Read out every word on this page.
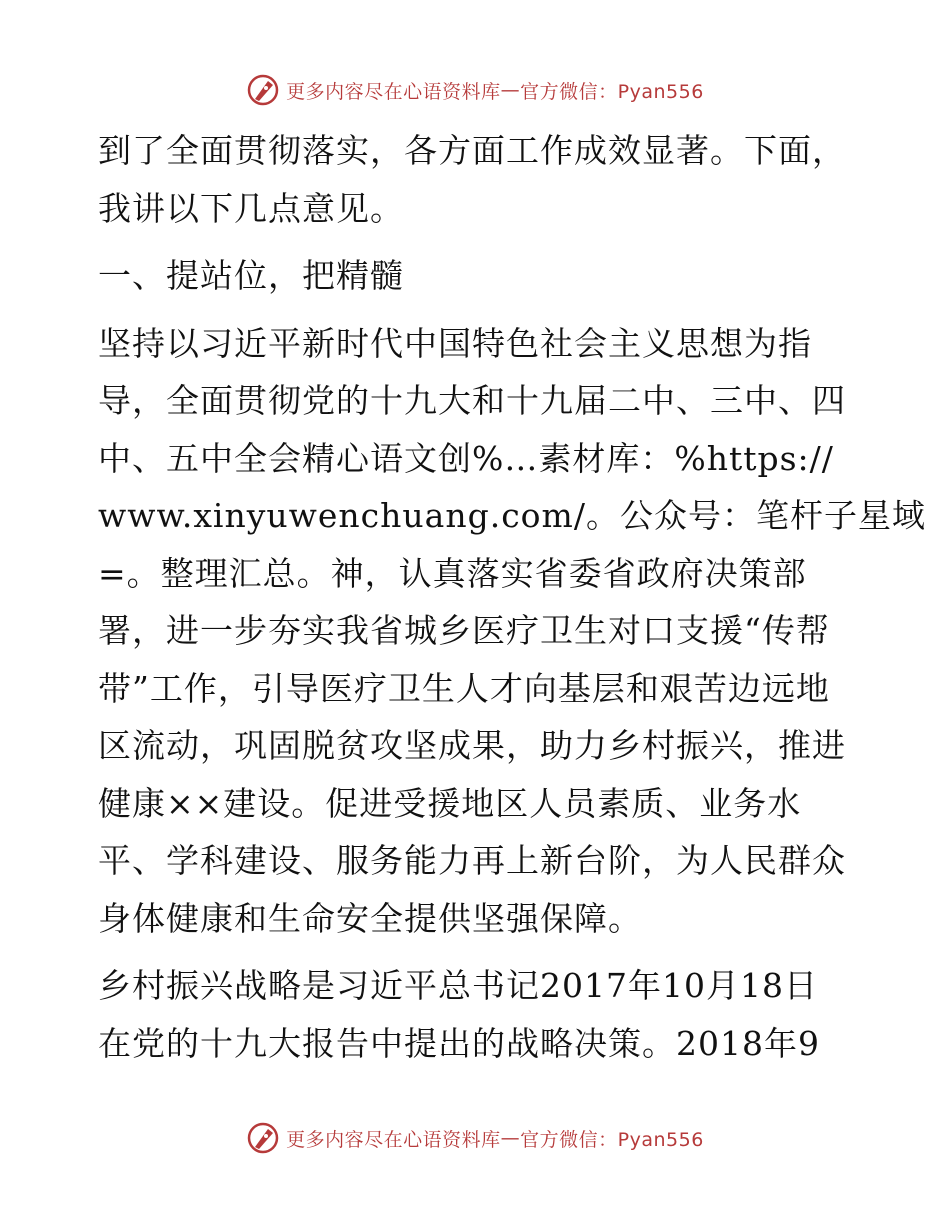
更多内容尽在心语资料库 — 官方微信：Pyan556
到了全面贯彻落实，各方面工作成效显著。下面，
我讲以下几点意见。
一、提站位，把精髓
坚持以习近平新时代中国特色社会主义思想为指
导，全面贯彻党的十九大和十九届二中、三中、四
中、五中全会精心语文创%…素材库：%https://
www.xinyuwenchuang.com/。公众号：笔杆子星域
=。整理汇总。神，认真落实省委省政府决策部
署，进一步夯实我省城乡医疗卫生对口支援“传帮
带”工作，引导医疗卫生人才向基层和艰苦边远地
区流动，巩固脱贫攻坚成果，助力乡村振兴，推进
健康××建设。促进受援地区人员素质、业务水
平、学科建设、服务能力再上新台阶，为人民群众
身体健康和生命安全提供坚强保障。
乡村振兴战略是习近平总书记2017年10月18日
在党的十九大报告中提出的战略决策。2018年9
更多内容尽在心语资料库 — 官方微信：Pyan556
